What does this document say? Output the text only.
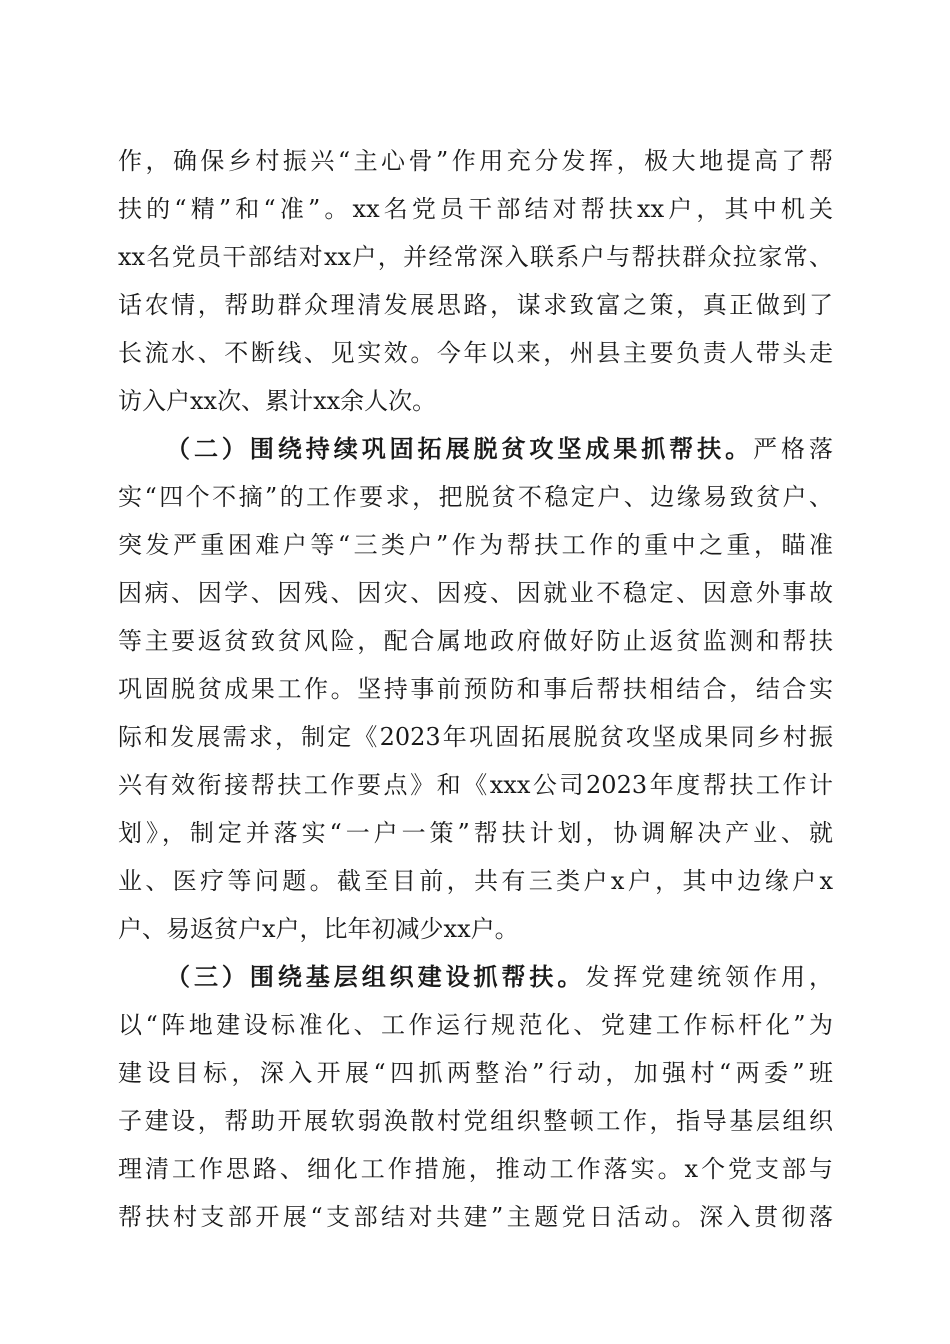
作，确保乡村振兴“主心骨”作用充分发挥，极大地提高了帮
扶的“精”和“准”。xx名党员干部结对帮扶xx户，其中机关
xx名党员干部结对xx户，并经常深入联系户与帮扶群众拉家常、
话农情，帮助群众理清发展思路，谋求致富之策，真正做到了
长流水、不断线、见实效。今年以来，州县主要负责人带头走
访入户xx次、累计xx余人次。
（二）围绕持续巩固拓展脱贫攻坚成果抓帮扶。严格落
实“四个不摘”的工作要求，把脱贫不稳定户、边缘易致贫户、
突发严重困难户等“三类户”作为帮扶工作的重中之重，瞄准
因病、因学、因残、因灾、因疫、因就业不稳定、因意外事故
等主要返贫致贫风险，配合属地政府做好防止返贫监测和帮扶
巩固脱贫成果工作。坚持事前预防和事后帮扶相结合，结合实
际和发展需求，制定《2023年巩固拓展脱贫攻坚成果同乡村振
兴有效衔接帮扶工作要点》和《xxx公司2023年度帮扶工作计
划》，制定并落实“一户一策”帮扶计划，协调解决产业、就
业、医疗等问题。截至目前，共有三类户x户，其中边缘户x
户、易返贫户x户，比年初减少xx户。
（三）围绕基层组织建设抓帮扶。发挥党建统领作用，
以“阵地建设标准化、工作运行规范化、党建工作标杆化”为
建设目标，深入开展“四抓两整治”行动，加强村“两委”班
子建设，帮助开展软弱涣散村党组织整顿工作，指导基层组织
理清工作思路、细化工作措施，推动工作落实。x个党支部与
帮扶村支部开展“支部结对共建”主题党日活动。深入贯彻落
